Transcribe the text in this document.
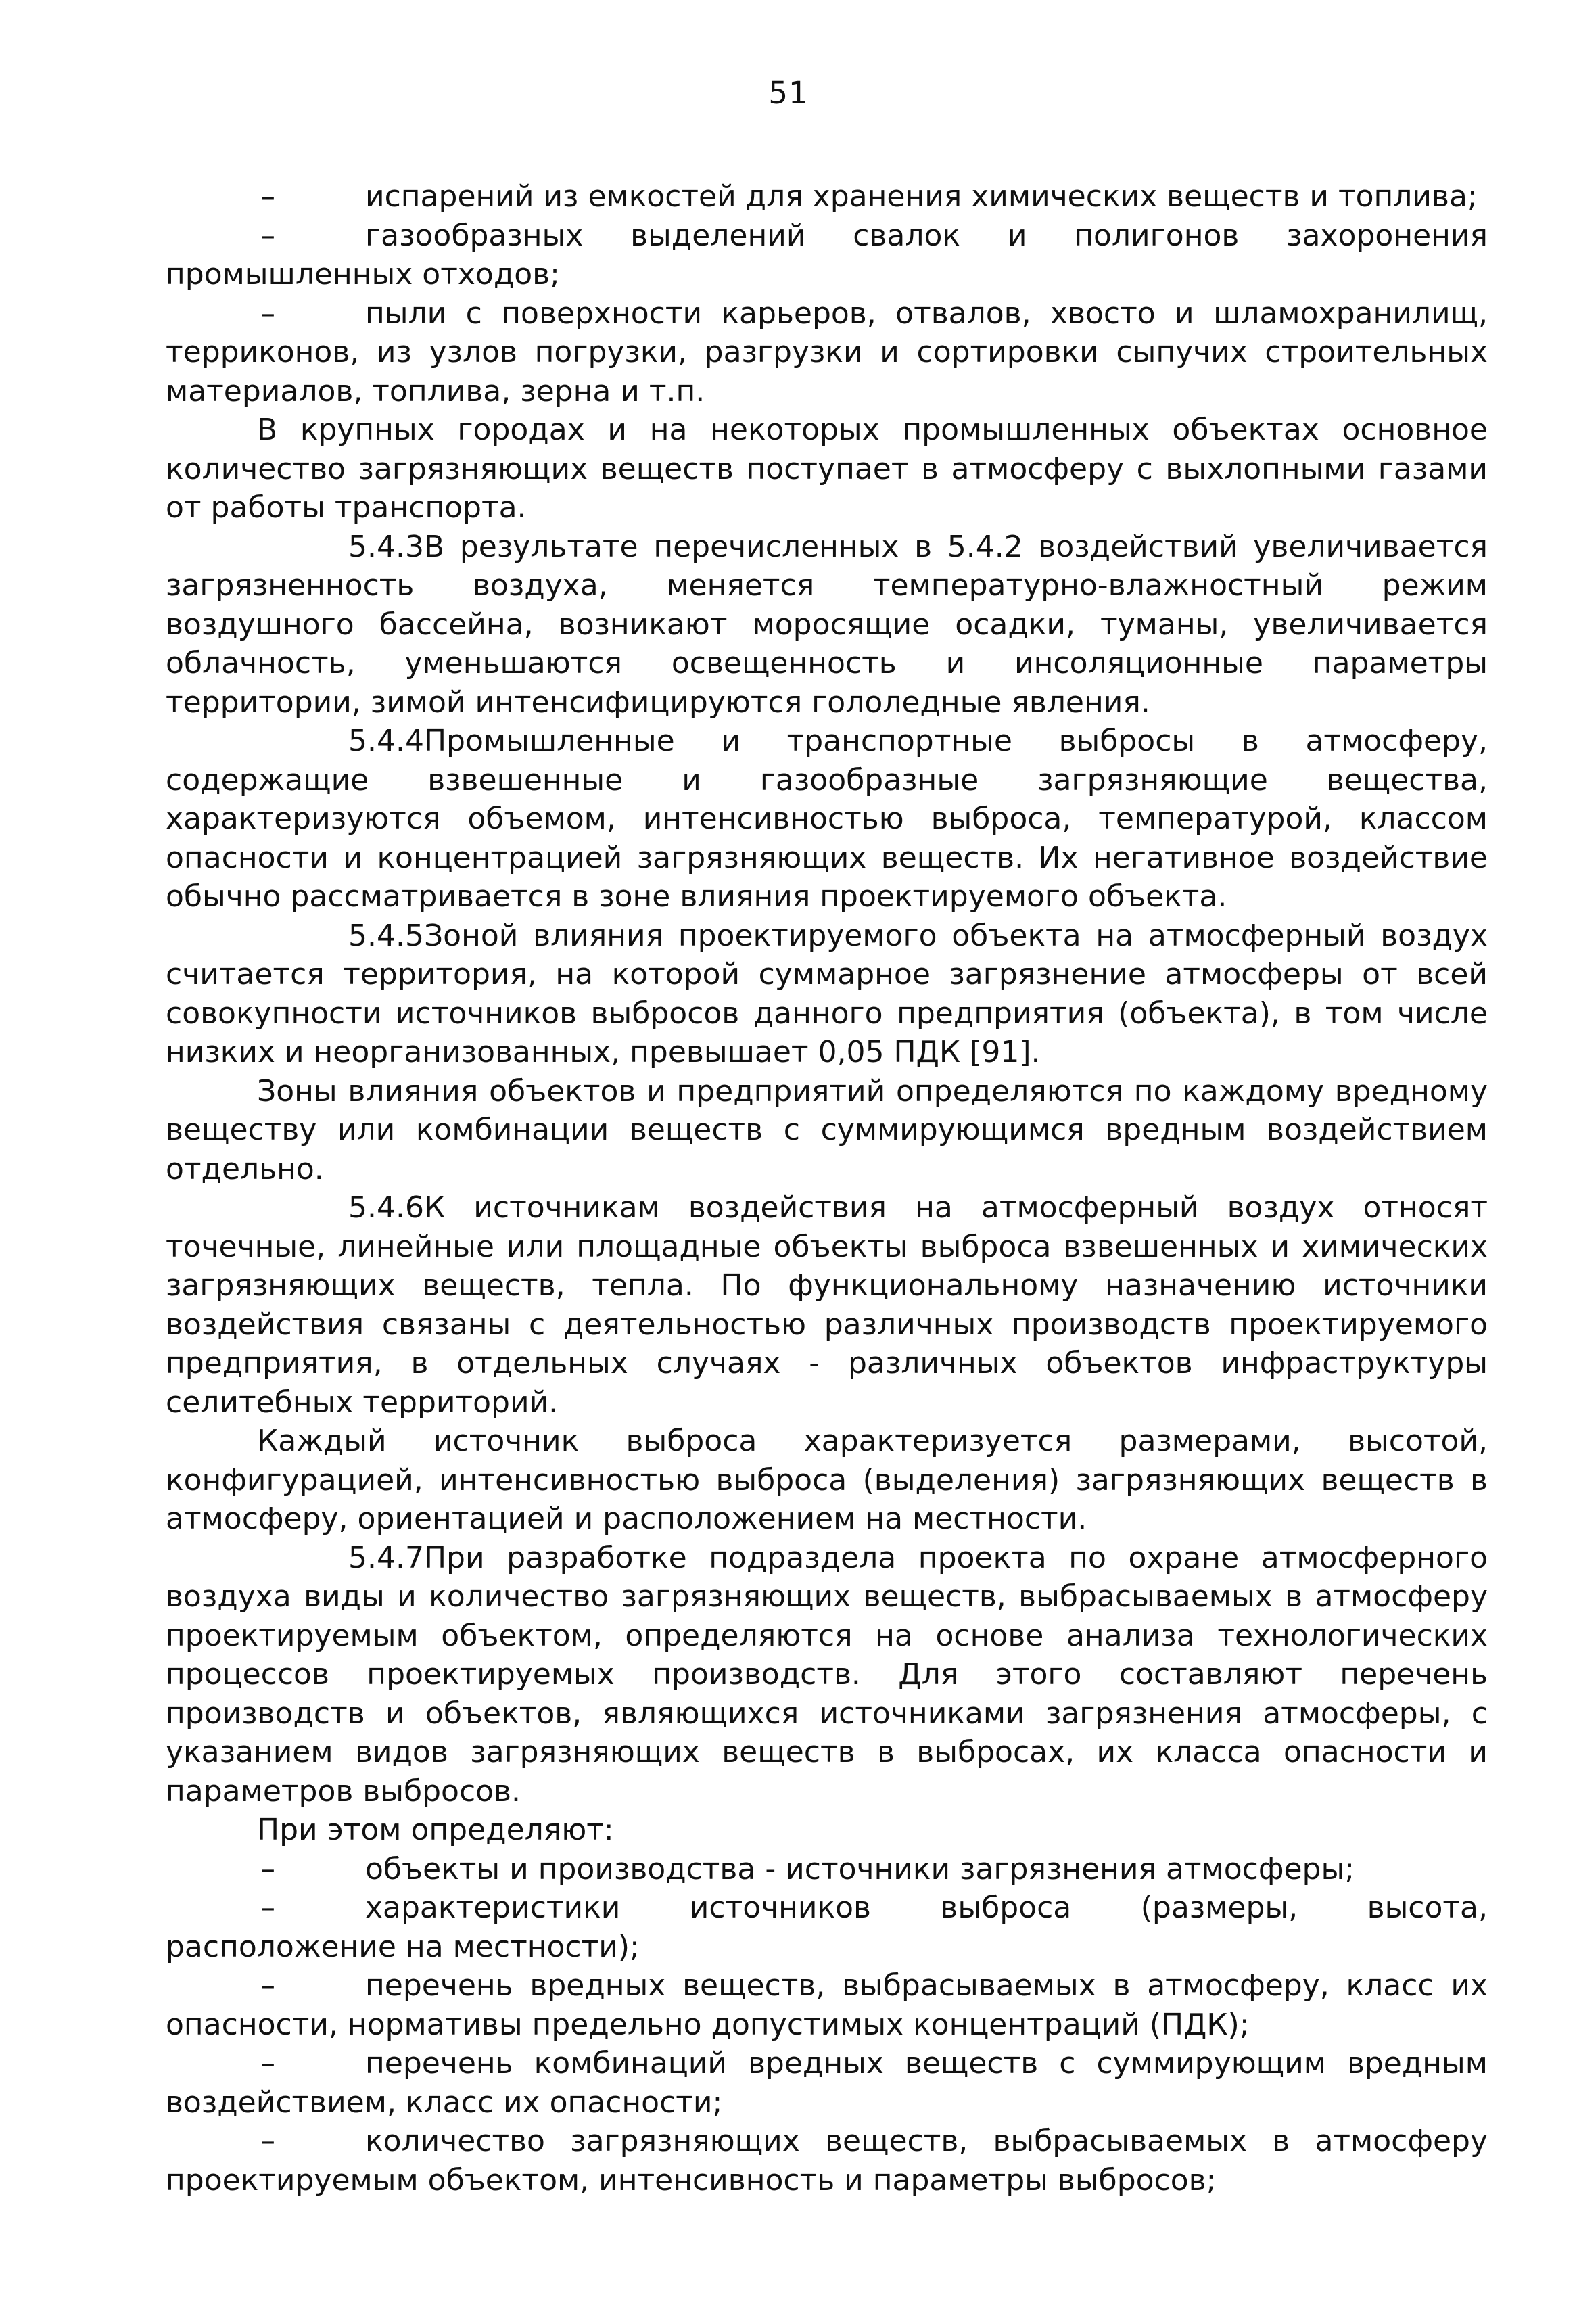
51

–	испарений из емкостей для хранения химических веществ и топлива;

–	газообразных выделений свалок и полигонов захоронения промышленных отходов;

–	пыли с поверхности карьеров, отвалов, хвосто и шламохранилищ, терриконов, из узлов погрузки, разгрузки и сортировки сыпучих строительных материалов, топлива, зерна и т.п.

В крупных городах и на некоторых промышленных объектах основное количество загрязняющих веществ поступает в атмосферу с выхлопными газами от работы транспорта.

5.4.3В результате перечисленных в 5.4.2 воздействий увеличивается загрязненность воздуха, меняется температурно-влажностный режим воздушного бассейна, возникают моросящие осадки, туманы, увеличивается облачность, уменьшаются освещенность и инсоляционные параметры территории, зимой интенсифицируются гололедные явления.

5.4.4Промышленные и транспортные выбросы в атмосферу, содержащие взвешенные и газообразные загрязняющие вещества, характеризуются объемом, интенсивностью выброса, температурой, классом опасности и концентрацией загрязняющих веществ. Их негативное воздействие обычно рассматривается в зоне влияния проектируемого объекта.

5.4.5Зоной влияния проектируемого объекта на атмосферный воздух считается территория, на которой суммарное загрязнение атмосферы от всей совокупности источников выбросов данного предприятия (объекта), в том числе низких и неорганизованных, превышает 0,05 ПДК [91].

Зоны влияния объектов и предприятий определяются по каждому вредному веществу или комбинации веществ с суммирующимся вредным воздействием отдельно.

5.4.6К источникам воздействия на атмосферный воздух относят точечные, линейные или площадные объекты выброса взвешенных и химических загрязняющих веществ, тепла. По функциональному назначению источники воздействия связаны с деятельностью различных производств проектируемого предприятия, в отдельных случаях - различных объектов инфраструктуры селитебных территорий.

Каждый источник выброса характеризуется размерами, высотой, конфигурацией, интенсивностью выброса (выделения) загрязняющих веществ в атмосферу, ориентацией и расположением на местности.

5.4.7При разработке подраздела проекта по охране атмосферного воздуха виды и количество загрязняющих веществ, выбрасываемых в атмосферу проектируемым объектом, определяются на основе анализа технологических процессов проектируемых производств. Для этого составляют перечень производств и объектов, являющихся источниками загрязнения атмосферы, с указанием видов загрязняющих веществ в выбросах, их класса опасности и параметров выбросов.

При этом определяют:

–	объекты и производства - источники загрязнения атмосферы;

–	характеристики источников выброса (размеры, высота, расположение на местности);

–	перечень вредных веществ, выбрасываемых в атмосферу, класс их опасности, нормативы предельно допустимых концентраций (ПДК);

–	перечень комбинаций вредных веществ с суммирующим вредным воздействием, класс их опасности;

–	количество загрязняющих веществ, выбрасываемых в атмосферу проектируемым объектом, интенсивность и параметры выбросов;
